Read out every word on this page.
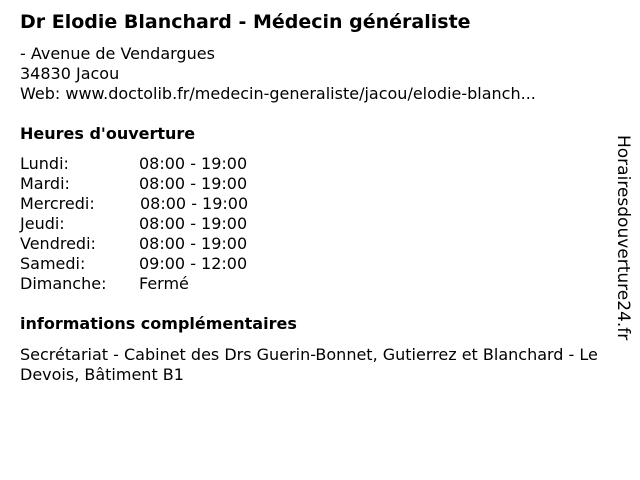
Dr Elodie Blanchard - Médecin généraliste
- Avenue de Vendargues
34830 Jacou
Web: www.doctolib.fr/medecin-generaliste/jacou/elodie-blanch...
Heures d'ouverture
Lundi:	08:00 - 19:00
Mardi:	08:00 - 19:00
Mercredi:	08:00 - 19:00
Jeudi:	08:00 - 19:00
Vendredi:	08:00 - 19:00
Samedi:	09:00 - 12:00
Dimanche:	Fermé
informations complémentaires
Secrétariat - Cabinet des Drs Guerin-Bonnet, Gutierrez et Blanchard - Le Devois, Bâtiment B1
Horairesdouverture24.fr
